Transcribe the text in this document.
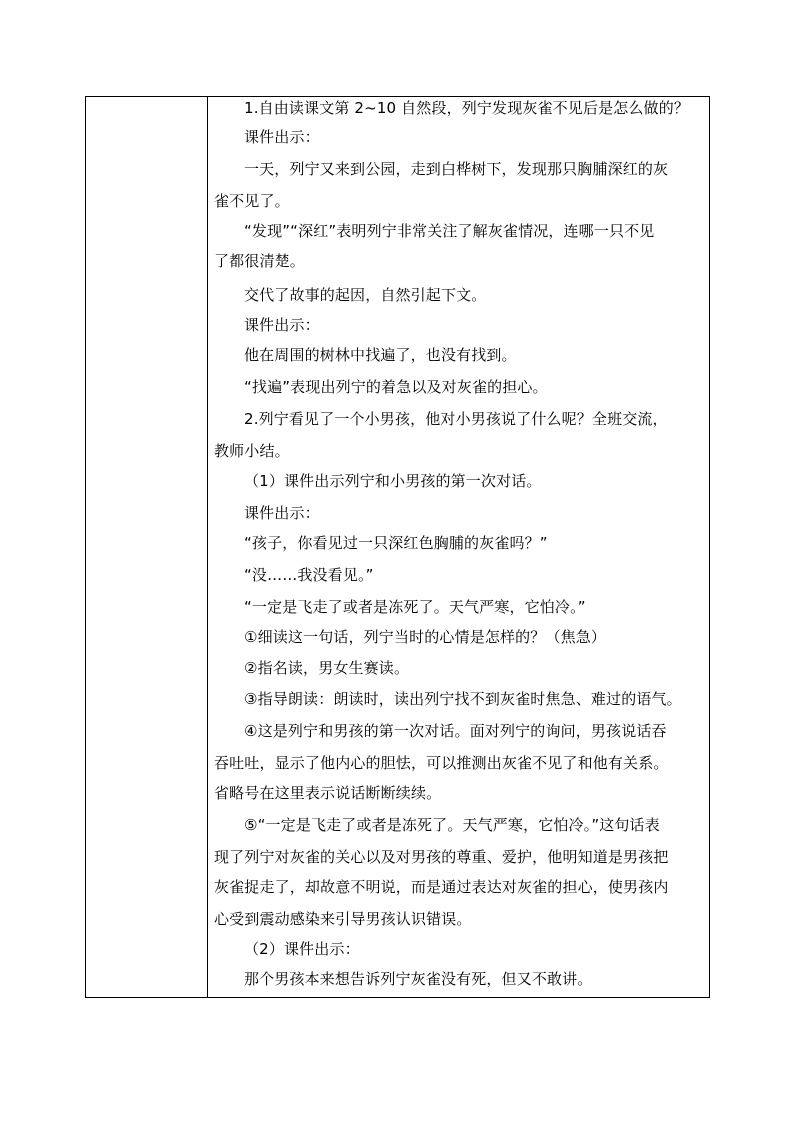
1.自由读课文第 2~10 自然段，列宁发现灰雀不见后是怎么做的？
课件出示：
一天，列宁又来到公园，走到白桦树下，发现那只胸脯深红的灰
雀不见了。
“发现”“深红”表明列宁非常关注了解灰雀情况，连哪一只不见
了都很清楚。
交代了故事的起因，自然引起下文。
课件出示：
他在周围的树林中找遍了，也没有找到。
“找遍”表现出列宁的着急以及对灰雀的担心。
2.列宁看见了一个小男孩，他对小男孩说了什么呢？全班交流，
教师小结。
（1）课件出示列宁和小男孩的第一次对话。
课件出示：
“孩子，你看见过一只深红色胸脯的灰雀吗？”
“没……我没看见。”
“一定是飞走了或者是冻死了。天气严寒，它怕冷。”
①细读这一句话，列宁当时的心情是怎样的？（焦急）
②指名读，男女生赛读。
③指导朗读：朗读时，读出列宁找不到灰雀时焦急、难过的语气。
④这是列宁和男孩的第一次对话。面对列宁的询问，男孩说话吞
吞吐吐，显示了他内心的胆怯，可以推测出灰雀不见了和他有关系。
省略号在这里表示说话断断续续。
⑤“一定是飞走了或者是冻死了。天气严寒，它怕冷。”这句话表
现了列宁对灰雀的关心以及对男孩的尊重、爱护，他明知道是男孩把
灰雀捉走了，却故意不明说，而是通过表达对灰雀的担心，使男孩内
心受到震动感染来引导男孩认识错误。
（2）课件出示：
那个男孩本来想告诉列宁灰雀没有死，但又不敢讲。
